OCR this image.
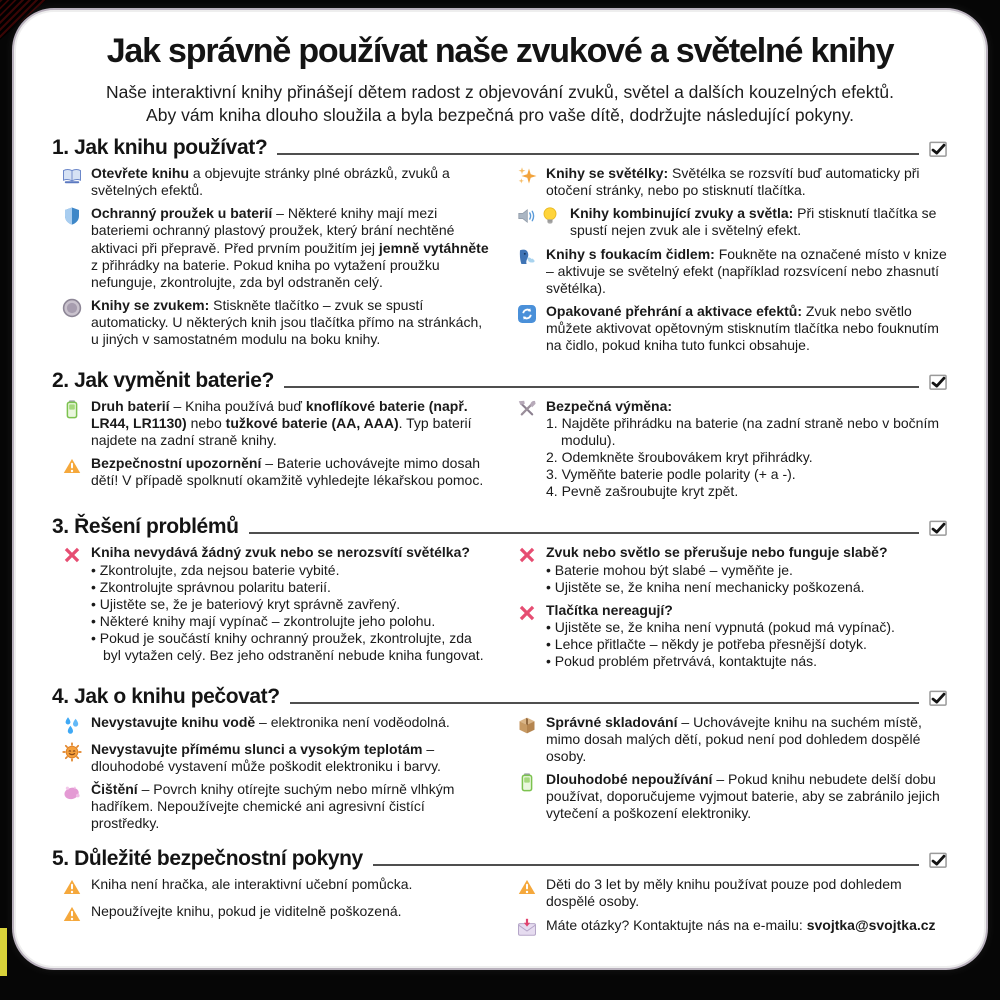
Jak správně používat naše zvukové a světelné knihy

Naše interaktivní knihy přinášejí dětem radost z objevování zvuků, světel a dalších kouzelných efektů.
Aby vám kniha dlouho sloužila a byla bezpečná pro vaše dítě, dodržujte následující pokyny.

1. Jak knihu používat?

Otevřete knihu a objevujte stránky plné obrázků, zvuků a světelných efektů.

Ochranný proužek u baterií – Některé knihy mají mezi bateriemi ochranný plastový proužek, který brání nechtěné aktivaci při přepravě. Před prvním použitím jej jemně vytáhněte z přihrádky na baterie. Pokud kniha po vytažení proužku nefunguje, zkontrolujte, zda byl odstraněn celý.

Knihy se zvukem: Stiskněte tlačítko – zvuk se spustí automaticky. U některých knih jsou tlačítka přímo na stránkách, u jiných v samostatném modulu na boku knihy.

Knihy se světélky: Světélka se rozsvítí buď automaticky při otočení stránky, nebo po stisknutí tlačítka.

Knihy kombinující zvuky a světla: Při stisknutí tlačítka se spustí nejen zvuk ale i světelný efekt.

Knihy s foukacím čidlem: Foukněte na označené místo v knize – aktivuje se světelný efekt (například rozsvícení nebo zhasnutí světélka).

Opakované přehrání a aktivace efektů: Zvuk nebo světlo můžete aktivovat opětovným stisknutím tlačítka nebo fouknutím na čidlo, pokud kniha tuto funkci obsahuje.

2. Jak vyměnit baterie?

Druh baterií – Kniha používá buď knoflíkové baterie (např. LR44, LR1130) nebo tužkové baterie (AA, AAA). Typ baterií najdete na zadní straně knihy.

Bezpečnostní upozornění – Baterie uchovávejte mimo dosah dětí! V případě spolknutí okamžitě vyhledejte lékařskou pomoc.

Bezpečná výměna:

1. Najděte přihrádku na baterie (na zadní straně nebo v bočním modulu).
2. Odemkněte šroubovákem kryt přihrádky.
3. Vyměňte baterie podle polarity (+ a -).
4. Pevně zašroubujte kryt zpět.
3. Řešení problémů

Kniha nevydává žádný zvuk nebo se nerozsvítí světélka?

• Zkontrolujte, zda nejsou baterie vybité.
• Zkontrolujte správnou polaritu baterií.
• Ujistěte se, že je bateriový kryt správně zavřený.
• Některé knihy mají vypínač – zkontrolujte jeho polohu.
• Pokud je součástí knihy ochranný proužek, zkontrolujte, zda byl vytažen celý. Bez jeho odstranění nebude kniha fungovat.

Zvuk nebo světlo se přerušuje nebo funguje slabě?

• Baterie mohou být slabé – vyměňte je.
• Ujistěte se, že kniha není mechanicky poškozená.

Tlačítka nereagují?

• Ujistěte se, že kniha není vypnutá (pokud má vypínač).
• Lehce přitlačte – někdy je potřeba přesnější dotyk.
• Pokud problém přetrvává, kontaktujte nás.
4. Jak o knihu pečovat?

Nevystavujte knihu vodě – elektronika není voděodolná.

Nevystavujte přímému slunci a vysokým teplotám – dlouhodobé vystavení může poškodit elektroniku i barvy.

Čištění – Povrch knihy otírejte suchým nebo mírně vlhkým hadříkem. Nepoužívejte chemické ani agresivní čistící prostředky.

Správné skladování – Uchovávejte knihu na suchém místě, mimo dosah malých dětí, pokud není pod dohledem dospělé osoby.

Dlouhodobé nepoužívání – Pokud knihu nebudete delší dobu používat, doporučujeme vyjmout baterie, aby se zabránilo jejich vytečení a poškození elektroniky.

5. Důležité bezpečnostní pokyny

Kniha není hračka, ale interaktivní učební pomůcka.

Nepoužívejte knihu, pokud je viditelně poškozená.

Děti do 3 let by měly knihu používat pouze pod dohledem dospělé osoby.

Máte otázky? Kontaktujte nás na e-mailu: svojtka@svojtka.cz
